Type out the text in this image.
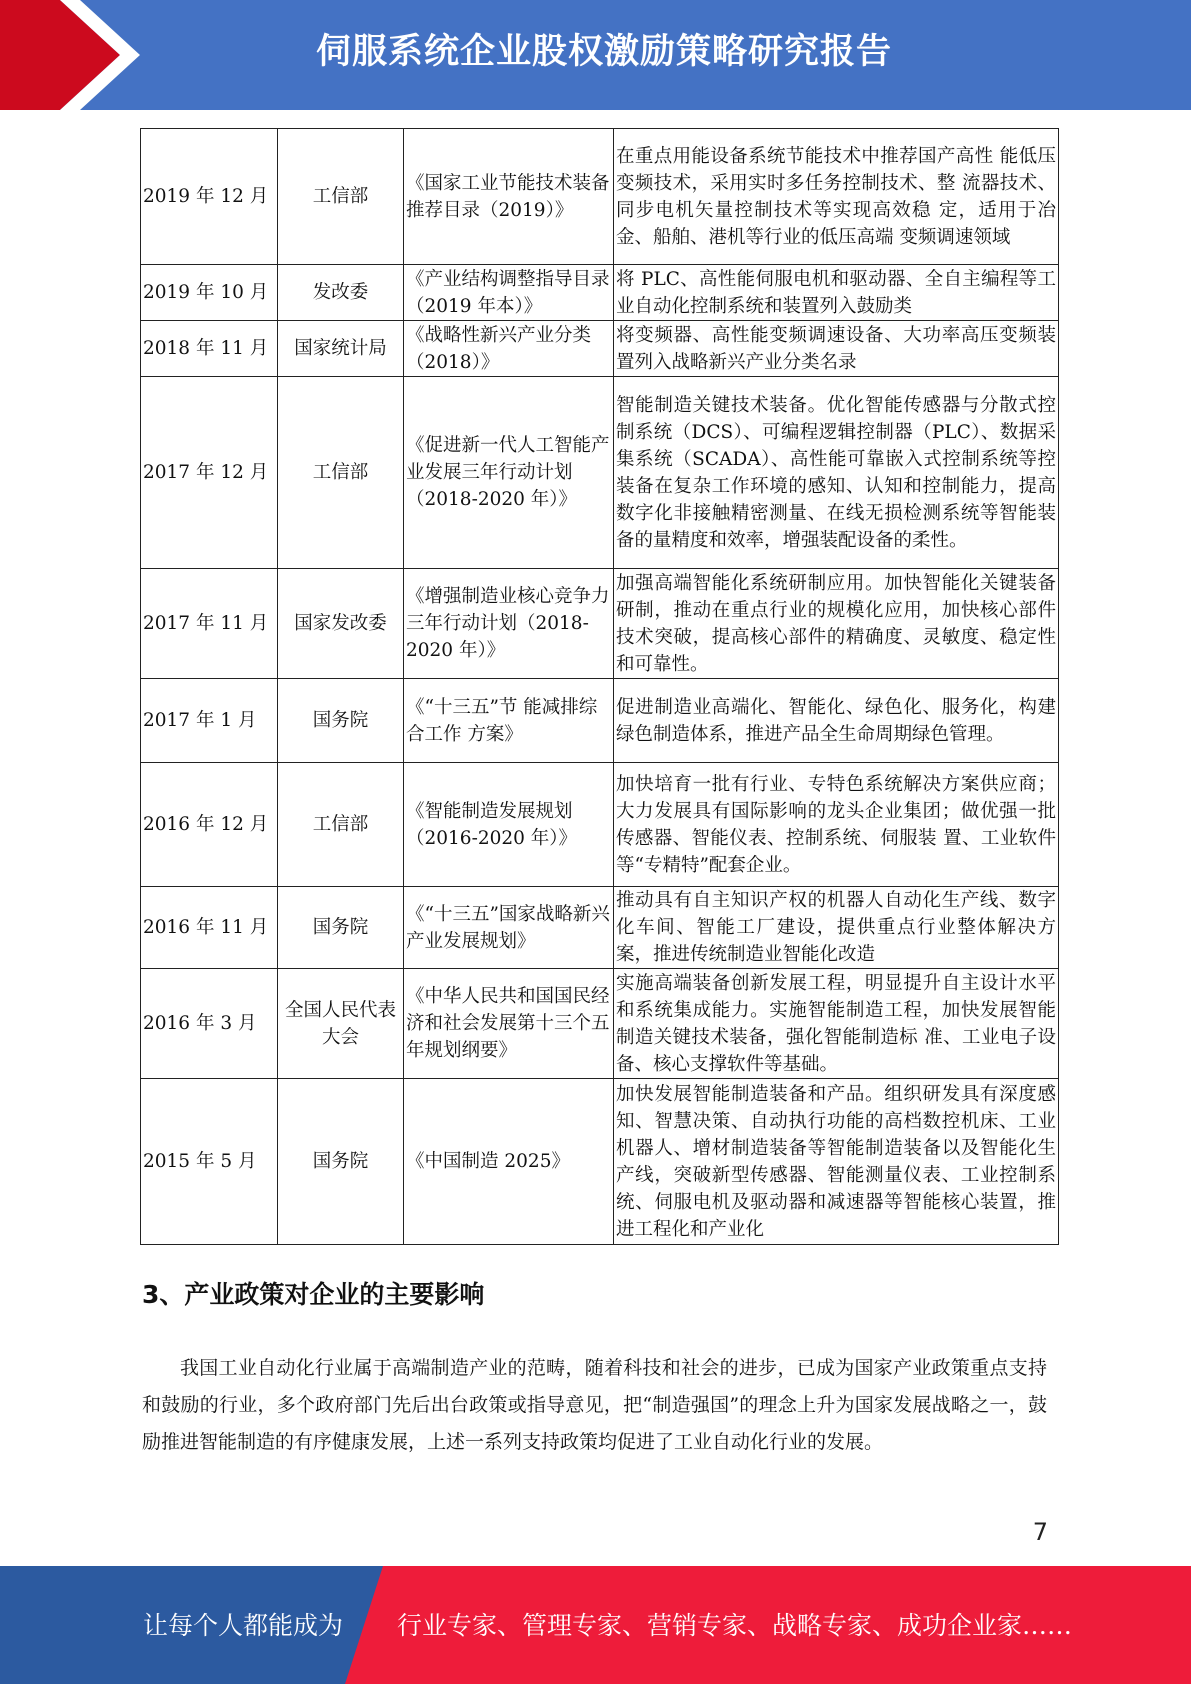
伺服系统企业股权激励策略研究报告
2019 年 12 月	工信部	《国家工业节能技术装备推荐目录（2019）》	在重点用能设备系统节能技术中推荐国产高性 能低压变频技术，采用实时多任务控制技术、整 流器技术、同步电机矢量控制技术等实现高效稳 定，适用于冶金、船舶、港机等行业的低压高端 变频调速领域
2019 年 10 月	发改委	《产业结构调整指导目录（2019 年本）》	将 PLC、高性能伺服电机和驱动器、全自主编程等工业自动化控制系统和装置列入鼓励类
2018 年 11 月	国家统计局	《战略性新兴产业分类（2018）》	将变频器、高性能变频调速设备、大功率高压变频装置列入战略新兴产业分类名录
2017 年 12 月	工信部	《促进新一代人工智能产业发展三年行动计划（2018-2020 年）》	智能制造关键技术装备。优化智能传感器与分散式控制系统（DCS）、可编程逻辑控制器（PLC）、数据采集系统（SCADA）、高性能可靠嵌入式控制系统等控装备在复杂工作环境的感知、认知和控制能力，提高数字化非接触精密测量、在线无损检测系统等智能装备的量精度和效率，增强装配设备的柔性。
2017 年 11 月	国家发改委	《增强制造业核心竞争力三年行动计划（2018-2020 年）》	加强高端智能化系统研制应用。加快智能化关键装备研制，推动在重点行业的规模化应用，加快核心部件技术突破，提高核心部件的精确度、灵敏度、稳定性和可靠性。
2017 年 1 月	国务院	《“十三五”节 能减排综合工作 方案》	促进制造业高端化、智能化、绿色化、服务化，构建绿色制造体系，推进产品全生命周期绿色管理。
2016 年 12 月	工信部	《智能制造发展规划（2016-2020 年）》	加快培育一批有行业、专特色系统解决方案供应商；大力发展具有国际影响的龙头企业集团；做优强一批传感器、智能仪表、控制系统、伺服装 置、工业软件等“专精特”配套企业。
2016 年 11 月	国务院	《“十三五”国家战略新兴产业发展规划》	推动具有自主知识产权的机器人自动化生产线、数字化车间、智能工厂建设，提供重点行业整体解决方案，推进传统制造业智能化改造
2016 年 3 月	全国人民代表大会	《中华人民共和国国民经济和社会发展第十三个五年规划纲要》	实施高端装备创新发展工程，明显提升自主设计水平和系统集成能力。实施智能制造工程，加快发展智能制造关键技术装备，强化智能制造标 准、工业电子设备、核心支撑软件等基础。
2015 年 5 月	国务院	《中国制造 2025》	加快发展智能制造装备和产品。组织研发具有深度感知、智慧决策、自动执行功能的高档数控机床、工业机器人、增材制造装备等智能制造装备以及智能化生产线，突破新型传感器、智能测量仪表、工业控制系统、伺服电机及驱动器和减速器等智能核心装置，推进工程化和产业化
3、产业政策对企业的主要影响

我国工业自动化行业属于高端制造产业的范畴，随着科技和社会的进步，已成为国家产业政策重点支持和鼓励的行业，多个政府部门先后出台政策或指导意见，把“制造强国”的理念上升为国家发展战略之一，鼓励推进智能制造的有序健康发展，上述一系列支持政策均促进了工业自动化行业的发展。

7
让每个人都能成为 行业专家、管理专家、营销专家、战略专家、成功企业家……
